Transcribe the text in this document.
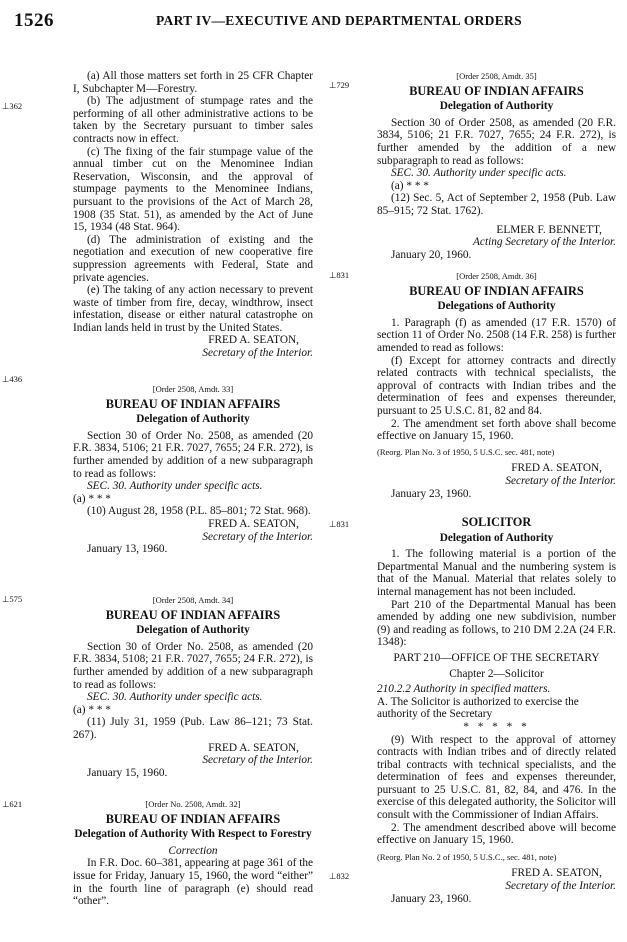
1526	PART IV—EXECUTIVE AND DEPARTMENTAL ORDERS
⊥362
⊥436
⊥575
⊥621
⊥729
⊥831
⊥831
⊥832

(a) All those matters set forth in 25 CFR Chapter I, Subchapter M—Forestry.

(b) The adjustment of stumpage rates and the performing of all other administrative actions to be taken by the Secretary pursuant to timber sales contracts now in effect.

(c) The fixing of the fair stumpage value of the annual timber cut on the Menominee Indian Reservation, Wisconsin, and the approval of stumpage payments to the Menominee Indians, pursuant to the provisions of the Act of March 28, 1908 (35 Stat. 51), as amended by the Act of June 15, 1934 (48 Stat. 964).

(d) The administration of existing and the negotiation and execution of new cooperative fire suppression agreements with Federal, State and private agencies.

(e) The taking of any action necessary to prevent waste of timber from fire, decay, windthrow, insect infestation, disease or either natural catastrophe on Indian lands held in trust by the United States.

FRED A. SEATON,

Secretary of the Interior.

[Order 2508, Amdt. 33]

BUREAU OF INDIAN AFFAIRS

Delegation of Authority

Section 30 of Order No. 2508, as amended (20 F.R. 3834, 5106; 21 F.R. 7027, 7655; 24 F.R. 272), is further amended by addition of a new subparagraph to read as follows:

SEC. 30. Authority under specific acts.

(a) * * *

(10) August 28, 1958 (P.L. 85–801; 72 Stat. 968).

FRED A. SEATON,

Secretary of the Interior.

January 13, 1960.

[Order 2508, Amdt. 34]

BUREAU OF INDIAN AFFAIRS

Delegation of Authority

Section 30 of Order No. 2508, as amended (20 F.R. 3834, 5108; 21 F.R. 7027, 7655; 24 F.R. 272), is further amended by addition of a new subparagraph to read as follows:

SEC. 30. Authority under specific acts.

(a) * * *

(11) July 31, 1959 (Pub. Law 86–121; 73 Stat. 267).

FRED A. SEATON,

Secretary of the Interior.

January 15, 1960.

[Order No. 2508, Amdt. 32]

BUREAU OF INDIAN AFFAIRS

Delegation of Authority With Respect to Forestry

Correction

In F.R. Doc. 60–381, appearing at page 361 of the issue for Friday, January 15, 1960, the word “either” in the fourth line of paragraph (e) should read “other”.

[Order 2508, Amdt. 35]

BUREAU OF INDIAN AFFAIRS

Delegation of Authority

Section 30 of Order 2508, as amended (20 F.R. 3834, 5106; 21 F.R. 7027, 7655; 24 F.R. 272), is further amended by the addition of a new subparagraph to read as follows:

SEC. 30. Authority under specific acts.

(a) * * *

(12) Sec. 5, Act of September 2, 1958 (Pub. Law 85–915; 72 Stat. 1762).

ELMER F. BENNETT,

Acting Secretary of the Interior.

January 20, 1960.

[Order 2508, Amdt. 36]

BUREAU OF INDIAN AFFAIRS

Delegations of Authority

1. Paragraph (f) as amended (17 F.R. 1570) of section 11 of Order No. 2508 (14 F.R. 258) is further amended to read as follows:

(f) Except for attorney contracts and directly related contracts with technical specialists, the approval of contracts with Indian tribes and the determination of fees and expenses thereunder, pursuant to 25 U.S.C. 81, 82 and 84.

2. The amendment set forth above shall become effective on January 15, 1960.

(Reorg. Plan No. 3 of 1950, 5 U.S.C. sec. 481, note)

FRED A. SEATON,

Secretary of the Interior.

January 23, 1960.

SOLICITOR

Delegation of Authority

1. The following material is a portion of the Departmental Manual and the numbering system is that of the Manual. Material that relates solely to internal management has not been included.

Part 210 of the Departmental Manual has been amended by adding one new subdivision, number (9) and reading as follows, to 210 DM 2.2A (24 F.R. 1348):

PART 210—OFFICE OF THE SECRETARY

Chapter 2—Solicitor

210.2.2 Authority in specified matters.

A. The Solicitor is authorized to exercise the authority of the Secretary

* * * * *

(9) With respect to the approval of attorney contracts with Indian tribes and of directly related tribal contracts with technical specialists, and the determination of fees and expenses thereunder, pursuant to 25 U.S.C. 81, 82, 84, and 476. In the exercise of this delegated authority, the Solicitor will consult with the Commissioner of Indian Affairs.

2. The amendment described above will become effective on January 15, 1960.

(Reorg. Plan No. 2 of 1950, 5 U.S.C., sec. 481, note)

FRED A. SEATON,

Secretary of the Interior.

January 23, 1960.
